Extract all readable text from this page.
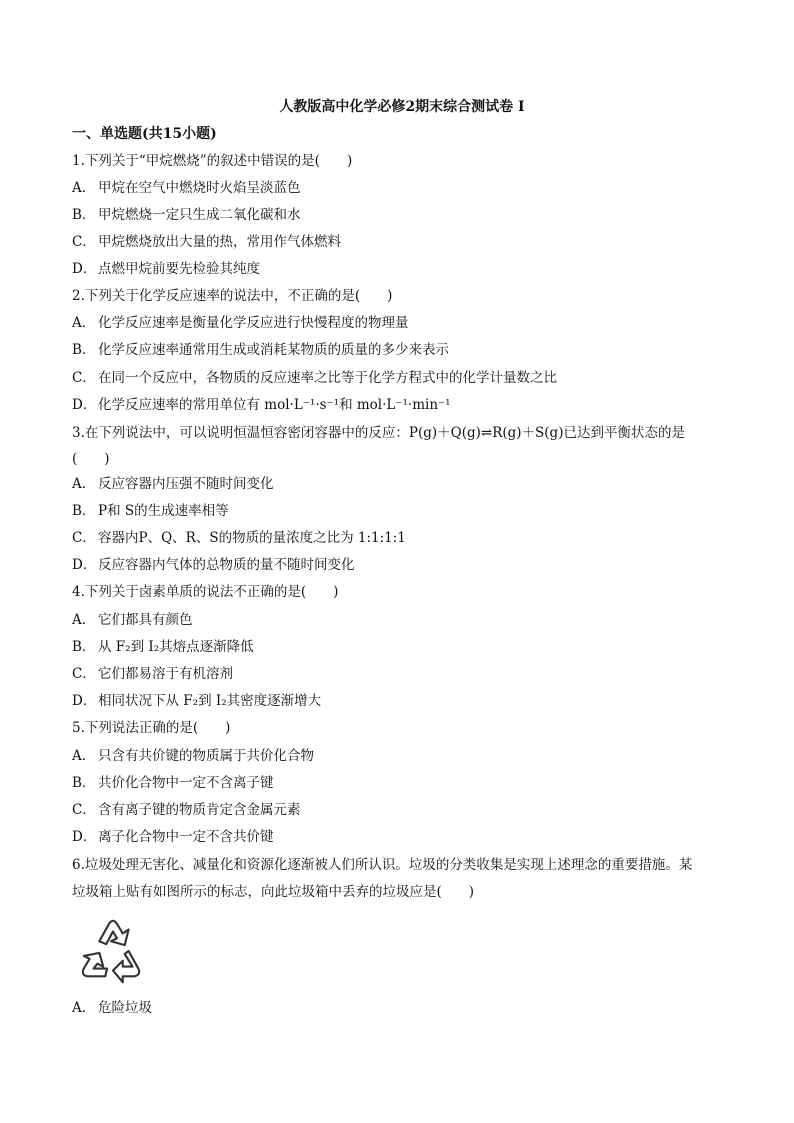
人教版高中化学必修2期末综合测试卷 I
一、单选题(共15小题)
1.下列关于“甲烷燃烧”的叙述中错误的是(　　)
A． 甲烷在空气中燃烧时火焰呈淡蓝色
B． 甲烷燃烧一定只生成二氧化碳和水
C． 甲烷燃烧放出大量的热，常用作气体燃料
D． 点燃甲烷前要先检验其纯度
2.下列关于化学反应速率的说法中，不正确的是(　　)
A． 化学反应速率是衡量化学反应进行快慢程度的物理量
B． 化学反应速率通常用生成或消耗某物质的质量的多少来表示
C． 在同一个反应中，各物质的反应速率之比等于化学方程式中的化学计量数之比
D． 化学反应速率的常用单位有 mol·L⁻¹·s⁻¹和 mol·L⁻¹·min⁻¹
3.在下列说法中，可以说明恒温恒容密闭容器中的反应：P(g)＋Q(g)⇌R(g)＋S(g)已达到平衡状态的是
(　　)
A． 反应容器内压强不随时间变化
B． P和 S的生成速率相等
C． 容器内P、Q、R、S的物质的量浓度之比为 1:1:1:1
D． 反应容器内气体的总物质的量不随时间变化
4.下列关于卤素单质的说法不正确的是(　　)
A． 它们都具有颜色
B． 从 F₂到 I₂其熔点逐渐降低
C． 它们都易溶于有机溶剂
D． 相同状况下从 F₂到 I₂其密度逐渐增大
5.下列说法正确的是(　　)
A． 只含有共价键的物质属于共价化合物
B． 共价化合物中一定不含离子键
C． 含有离子键的物质肯定含金属元素
D． 离子化合物中一定不含共价键
6.垃圾处理无害化、减量化和资源化逐渐被人们所认识。垃圾的分类收集是实现上述理念的重要措施。某
垃圾箱上贴有如图所示的标志，向此垃圾箱中丢弃的垃圾应是(　　)
A． 危险垃圾
